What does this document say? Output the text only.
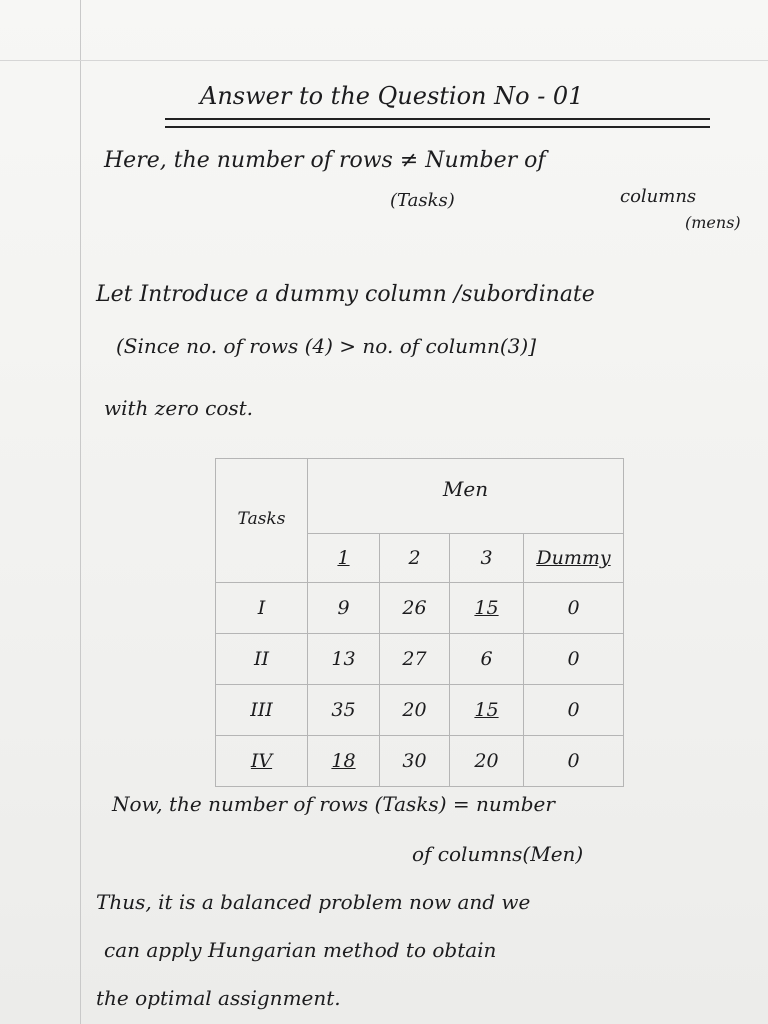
Answer to the Question No - 01
Here, the number of rows ≠ Number of
(Tasks)	columns
(mens)
Let Introduce a dummy column /subordinate
(Since no. of rows (4) > no. of column(3)]
with zero cost.
Tasks	Men			
	1	2	3	Dummy
I	9	26	15	0
II	13	27	6	0
III	35	20	15	0
IV	18	30	20	0
Now, the number of rows (Tasks) = number
of columns(Men)
Thus, it is a balanced problem now and we
can apply Hungarian method to obtain
the optimal assignment.
